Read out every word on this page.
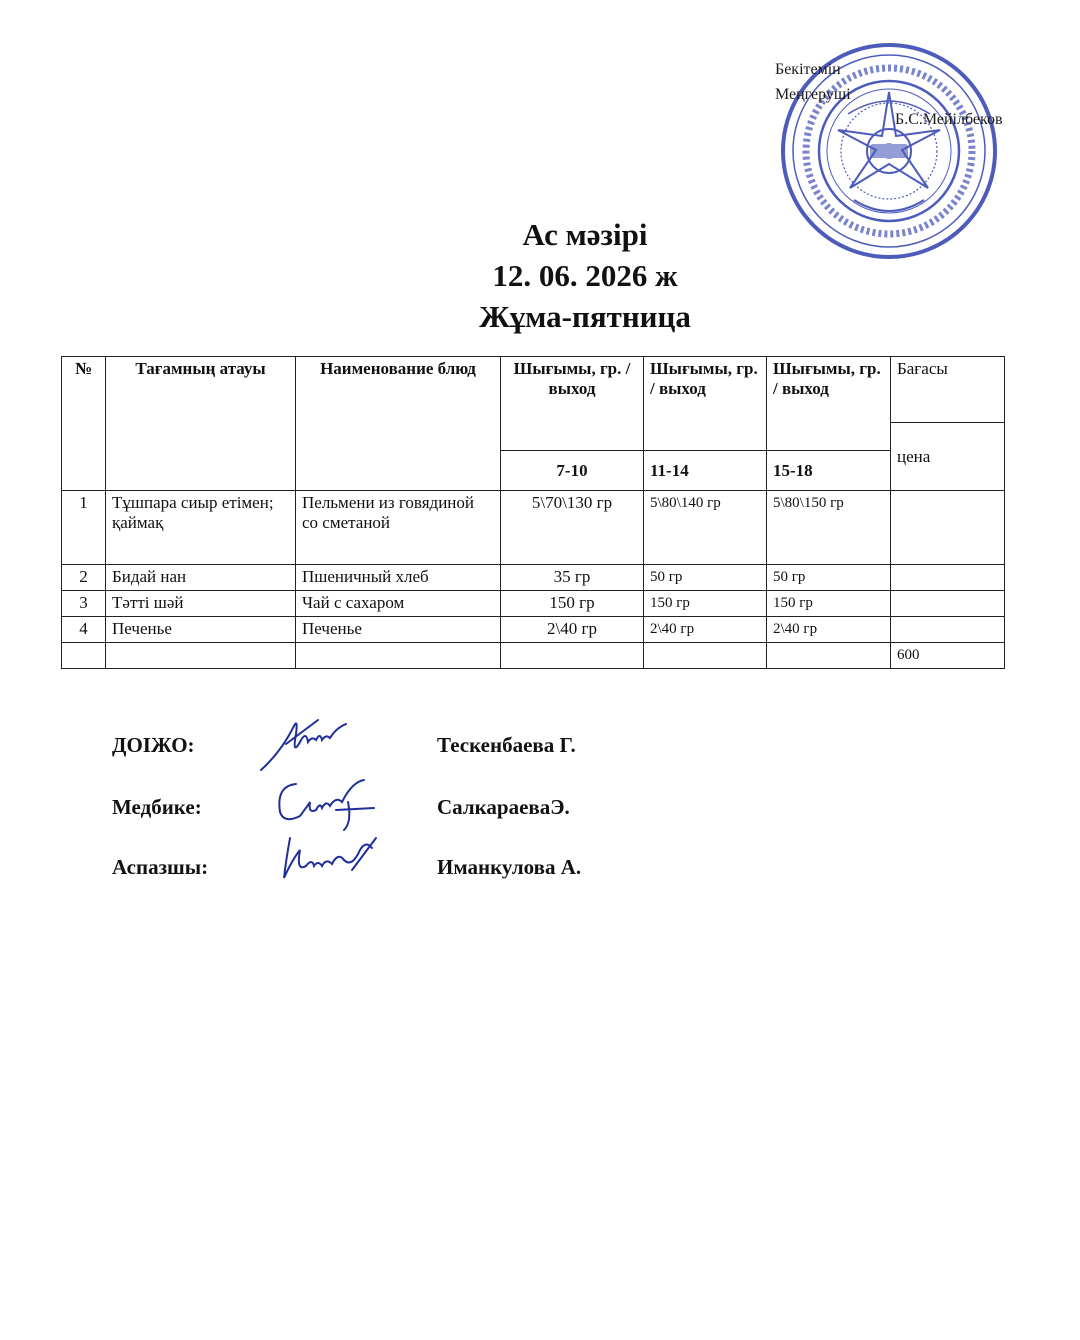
Бекітемін
Меңгеруші
Б.С.Мейілбеков
Ас мәзірі
12. 06. 2026 ж
Жұма-пятница
№	Тағамның атауы	Наименование блюд	Шығымы, гр. / выход	Шығымы, гр. / выход	Шығымы, гр. / выход	Бағасы
						цена
			7-10	11-14	15-18	
1	Тұшпара сиыр етімен; қаймақ	Пельмени из говядиной со сметаной	5\70\130 гр	5\80\140 гр	5\80\150 гр	
2	Бидай нан	Пшеничный хлеб	35 гр	50 гр	50 гр	
3	Тәтті шәй	Чай с сахаром	150 гр	150 гр	150 гр	
4	Печенье	Печенье	2\40 гр	2\40 гр	2\40 гр	
						600
ДОІЖО:	Тескенбаева Г.
Медбике:	СалкараеваЭ.
Аспазшы:	Иманкулова А.
